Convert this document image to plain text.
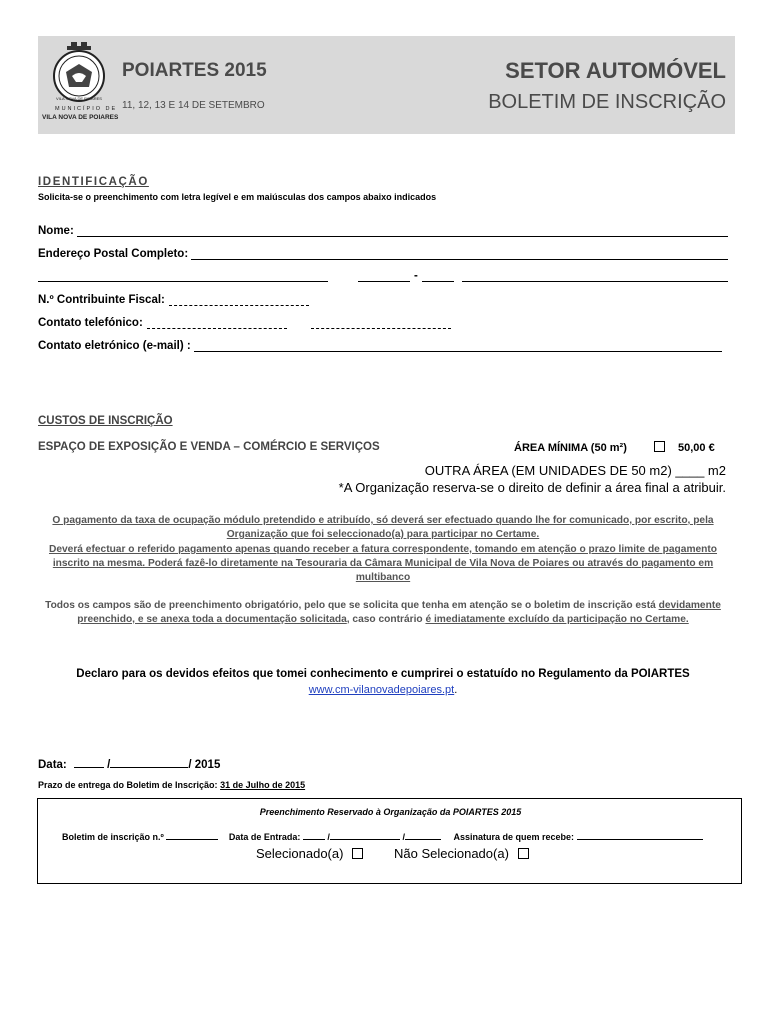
VILA NOVA DE POIARES
MUNICÍPIO DE
VILA NOVA DE POIARES
POIARTES 2015
11, 12, 13 E 14 DE SETEMBRO
SETOR AUTOMÓVEL
BOLETIM DE INSCRIÇÃO
IDENTIFICAÇÃO
Solicita-se o preenchimento com letra legível e em maiúsculas dos campos abaixo indicados
Nome:
Endereço Postal Completo:
-
N.º Contribuinte Fiscal:
Contato telefónico:
Contato eletrónico (e-mail) :
CUSTOS DE INSCRIÇÃO
ESPAÇO DE EXPOSIÇÃO E VENDA – COMÉRCIO E SERVIÇOS	ÁREA MÍNIMA (50 m²)	50,00 €
OUTRA ÁREA (EM UNIDADES DE 50 m2) ____ m2
*A Organização reserva-se o direito de definir a área final a atribuir.
O pagamento da taxa de ocupação módulo pretendido e atribuído, só deverá ser efectuado quando lhe for comunicado, por escrito, pela Organização que foi seleccionado(a) para participar no Certame.
Deverá efectuar o referido pagamento apenas quando receber a fatura correspondente, tomando em atenção o prazo limite de pagamento inscrito na mesma. Poderá fazê-lo diretamente na Tesouraria da Câmara Municipal de Vila Nova de Poiares ou através do pagamento em multibanco
Todos os campos são de preenchimento obrigatório, pelo que se solicita que tenha em atenção se o boletim de inscrição está devidamente preenchido, e se anexa toda a documentação solicitada, caso contrário é imediatamente excluído da participação no Certame.
Declaro para os devidos efeitos que tomei conhecimento e cumprirei o estatuído no Regulamento da POIARTES
www.cm-vilanovadepoiares.pt.
Data:	/	/ 2015
Prazo de entrega do Boletim de Inscrição: 31 de Julho de 2015
Preenchimento Reservado à Organização da POIARTES 2015
Boletim de inscrição n.º	Data de Entrada:	/	/	Assinatura de quem recebe:
Selecionado(a)	Não Selecionado(a)
